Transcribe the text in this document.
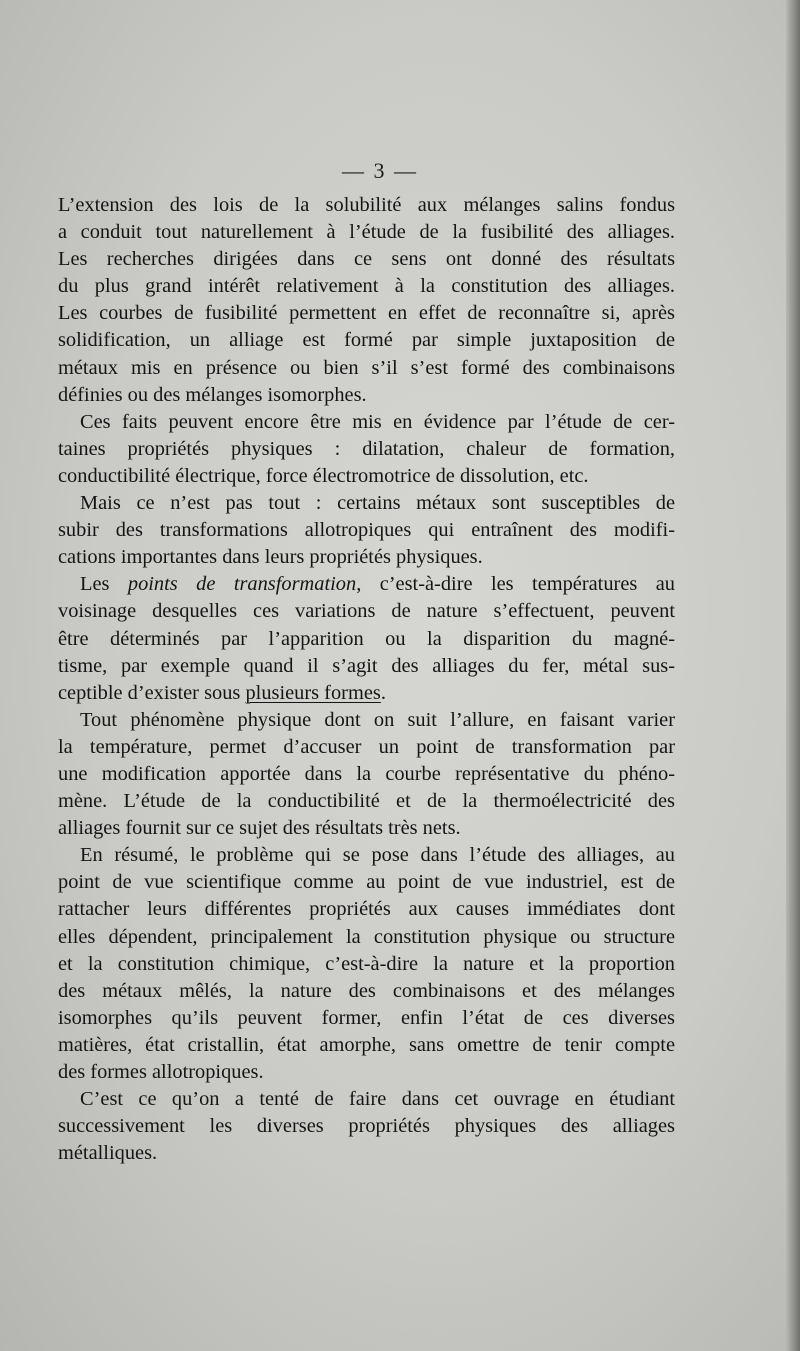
— 3 —
L’extension des lois de la solubilité aux mélanges salins fondus
a conduit tout naturellement à l’étude de la fusibilité des alliages.
Les recherches dirigées dans ce sens ont donné des résultats
du plus grand intérêt relativement à la constitution des alliages.
Les courbes de fusibilité permettent en effet de reconnaître si, après
solidification, un alliage est formé par simple juxtaposition de
métaux mis en présence ou bien s’il s’est formé des combinaisons
définies ou des mélanges isomorphes.
Ces faits peuvent encore être mis en évidence par l’étude de cer-
taines propriétés physiques : dilatation, chaleur de formation,
conductibilité électrique, force électromotrice de dissolution, etc.
Mais ce n’est pas tout : certains métaux sont susceptibles de
subir des transformations allotropiques qui entraînent des modifi-
cations importantes dans leurs propriétés physiques.
Les points de transformation, c’est-à-dire les températures au
voisinage desquelles ces variations de nature s’effectuent, peuvent
être déterminés par l’apparition ou la disparition du magné-
tisme, par exemple quand il s’agit des alliages du fer, métal sus-
ceptible d’exister sous plusieurs formes.
Tout phénomène physique dont on suit l’allure, en faisant varier
la température, permet d’accuser un point de transformation par
une modification apportée dans la courbe représentative du phéno-
mène. L’étude de la conductibilité et de la thermoélectricité des
alliages fournit sur ce sujet des résultats très nets.
En résumé, le problème qui se pose dans l’étude des alliages, au
point de vue scientifique comme au point de vue industriel, est de
rattacher leurs différentes propriétés aux causes immédiates dont
elles dépendent, principalement la constitution physique ou structure
et la constitution chimique, c’est-à-dire la nature et la proportion
des métaux mêlés, la nature des combinaisons et des mélanges
isomorphes qu’ils peuvent former, enfin l’état de ces diverses
matières, état cristallin, état amorphe, sans omettre de tenir compte
des formes allotropiques.
C’est ce qu’on a tenté de faire dans cet ouvrage en étudiant
successivement les diverses propriétés physiques des alliages
métalliques.
